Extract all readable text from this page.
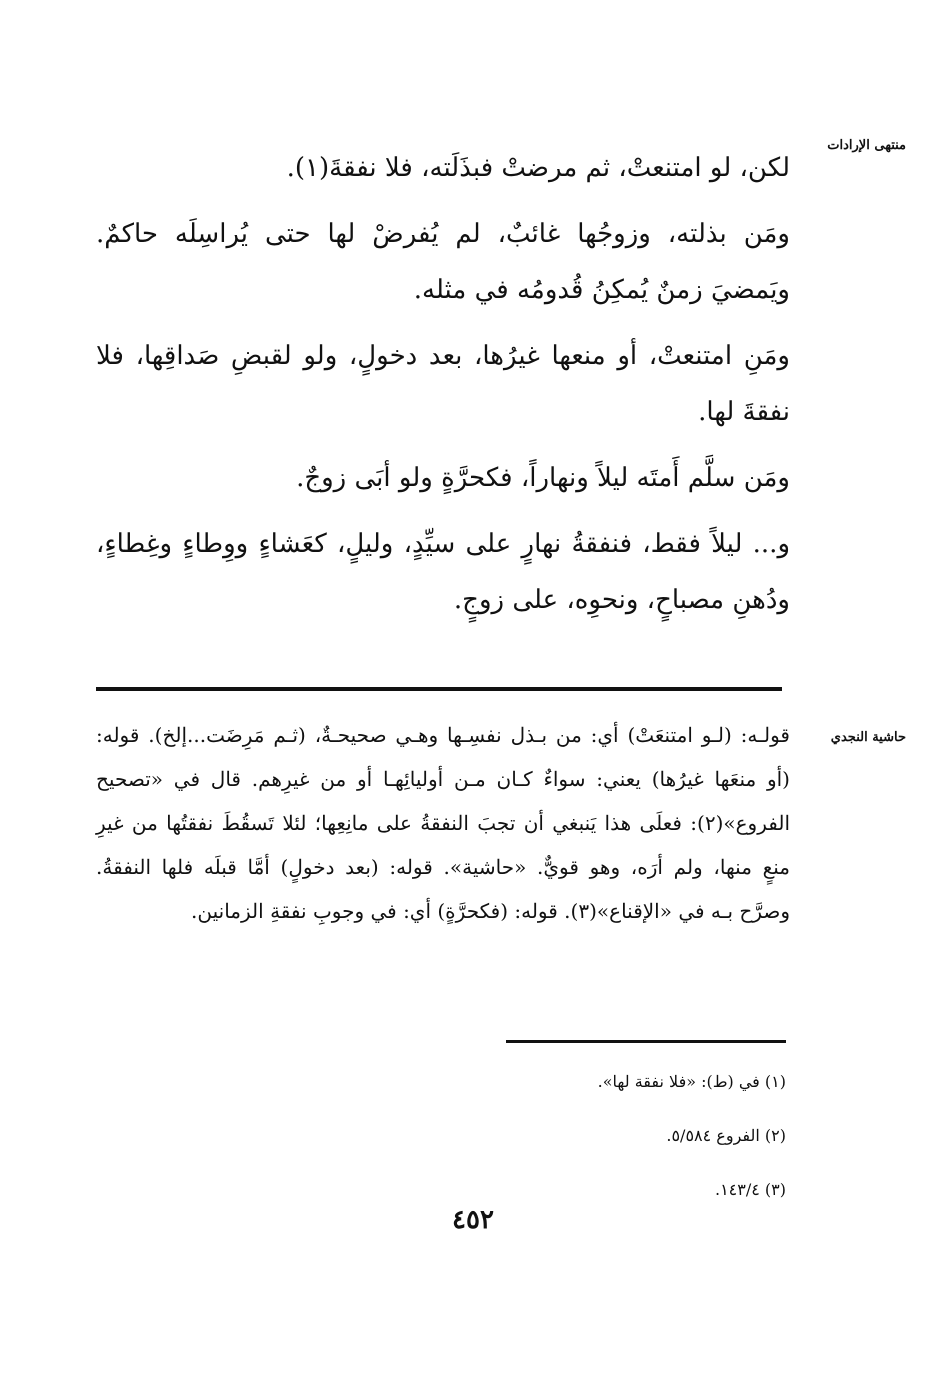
منتهى الإرادات

لكن، لو امتنعتْ، ثم مرضتْ فبذَلَته، فلا نفقةَ(١).

ومَن بذلته، وزوجُها غائبٌ، لم يُفرضْ لها حتى يُراسِلَه حاكمٌ. ويَمضيَ زمنٌ يُمكِنُ قُدومُه في مثله.

ومَنِ امتنعتْ، أو منعها غيرُها، بعد دخولٍ، ولو لقبضِ صَداقِها، فلا نفقةَ لها.

ومَن سلَّم أَمتَه ليلاً ونهاراً، فكحرَّةٍ ولو أبَى زوجٌ.

و... ليلاً فقط، فنفقةُ نهارٍ على سيِّدٍ، وليلٍ، كعَشاءٍ ووِطاءٍ وغِطاءٍ، ودُهنِ مصباحٍ، ونحوِه، على زوجٍ.

حاشية النجدي

قولـه: (لـو امتنعَتْ) أي: من بـذل نفسِـها وهـي صحيحـةٌ، (ثـم مَرِضَت...إلخ). قوله: (أو منعَها غيرُها) يعني: سواءٌ كـان مـن أوليائِهـا أو من غيرِهم. قال في «تصحيح الفروع»(٢): فعلَى هذا يَنبغي أن تجبَ النفقةُ على مانِعِها؛ لئلا تَسقُطَ نفقتُها من غيرِ منعٍ منها، ولم أرَه، وهو قويٌّ. «حاشية». قوله: (بعد دخولٍ) أمَّا قبلَه فلها النفقةُ. وصرَّح بـه في «الإقناع»(٣). قوله: (فكحرَّةٍ) أي: في وجوبِ نفقةِ الزمانين.

(١) في (ط): «فلا نفقة لها».
(٢) الفروع ٥/٥٨٤.
(٣) ١٤٣/٤.
٤٥٢
